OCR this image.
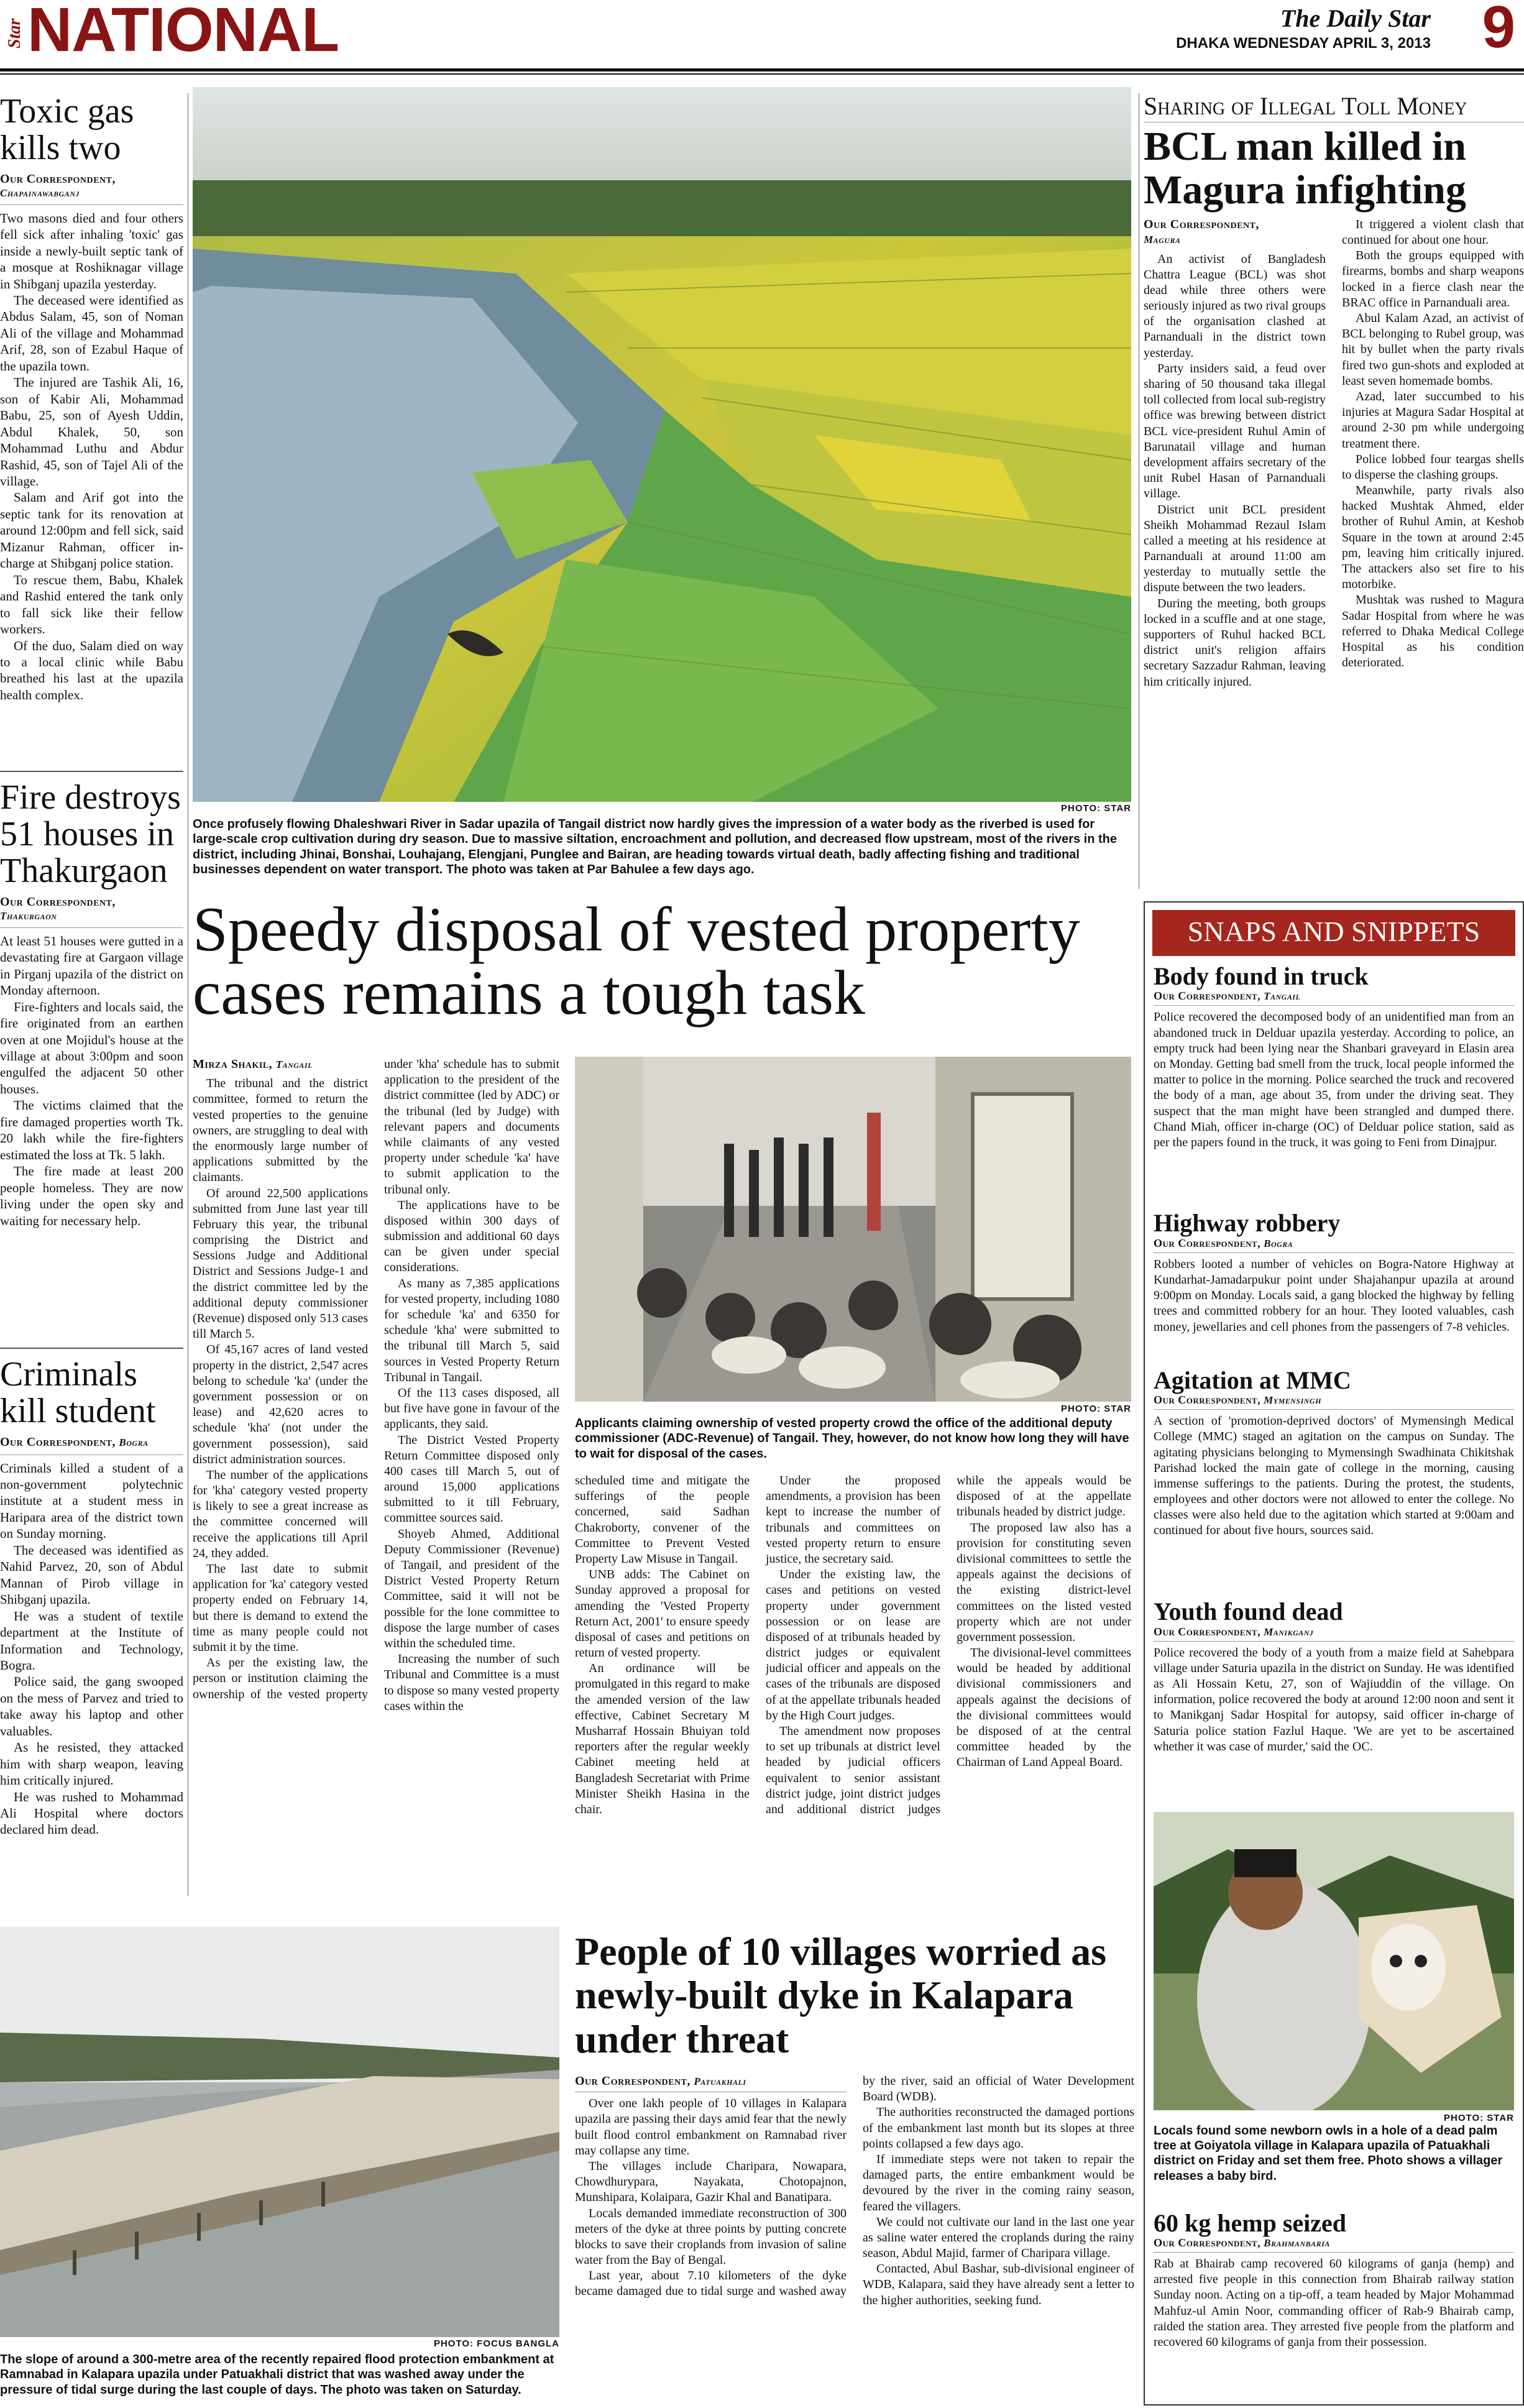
Star NATIONAL	The Daily Star
DHAKA WEDNESDAY APRIL 3, 2013 9
Toxic gas kills two
Our Correspondent,
Chapainawabganj

Two masons died and four others fell sick after inhaling 'toxic' gas inside a newly-built septic tank of a mosque at Roshiknagar village in Shibganj upazila yesterday.

The deceased were identified as Abdus Salam, 45, son of Noman Ali of the village and Mohammad Arif, 28, son of Ezabul Haque of the upazila town.

The injured are Tashik Ali, 16, son of Kabir Ali, Mohammad Babu, 25, son of Ayesh Uddin, Abdul Khalek, 50, son Mohammad Luthu and Abdur Rashid, 45, son of Tajel Ali of the village.

Salam and Arif got into the septic tank for its renovation at around 12:00pm and fell sick, said Mizanur Rahman, officer in-charge at Shibganj police station.

To rescue them, Babu, Khalek and Rashid entered the tank only to fall sick like their fellow workers.

Of the duo, Salam died on way to a local clinic while Babu breathed his last at the upazila health complex.

Fire destroys 51 houses in Thakurgaon
Our Correspondent,
Thakurgaon

At least 51 houses were gutted in a devastating fire at Gargaon village in Pirganj upazila of the district on Monday afternoon.

Fire-fighters and locals said, the fire originated from an earthen oven at one Mojidul's house at the village at about 3:00pm and soon engulfed the adjacent 50 other houses.

The victims claimed that the fire damaged properties worth Tk. 20 lakh while the fire-fighters estimated the loss at Tk. 5 lakh.

The fire made at least 200 people homeless. They are now living under the open sky and waiting for necessary help.

Criminals kill student
Our Correspondent, Bogra

Criminals killed a student of a non-government polytechnic institute at a student mess in Haripara area of the district town on Sunday morning.

The deceased was identified as Nahid Parvez, 20, son of Abdul Mannan of Pirob village in Shibganj upazila.

He was a student of textile department at the Institute of Information and Technology, Bogra.

Police said, the gang swooped on the mess of Parvez and tried to take away his laptop and other valuables.

As he resisted, they attacked him with sharp weapon, leaving him critically injured.

He was rushed to Mohammad Ali Hospital where doctors declared him dead.

PHOTO: STAR
Once profusely flowing Dhaleshwari River in Sadar upazila of Tangail district now hardly gives the impression of a water body as the riverbed is used for large-scale crop cultivation during dry season. Due to massive siltation, encroachment and pollution, and decreased flow upstream, most of the rivers in the district, including Jhinai, Bonshai, Louhajang, Elengjani, Punglee and Bairan, are heading towards virtual death, badly affecting fishing and traditional businesses dependent on water transport. The photo was taken at Par Bahulee a few days ago.
Sharing of Illegal Toll Money
BCL man killed in Magura infighting
Our Correspondent,
Magura

An activist of Bangladesh Chattra League (BCL) was shot dead while three others were seriously injured as two rival groups of the organisation clashed at Parnanduali in the district town yesterday.

Party insiders said, a feud over sharing of 50 thousand taka illegal toll collected from local sub-registry office was brewing between district BCL vice-president Ruhul Amin of Barunatail village and human development affairs secretary of the unit Rubel Hasan of Parnanduali village.

District unit BCL president Sheikh Mohammad Rezaul Islam called a meeting at his residence at Parnanduali at around 11:00 am yesterday to mutually settle the dispute between the two leaders.

During the meeting, both groups locked in a scuffle and at one stage, supporters of Ruhul hacked BCL district unit's religion affairs secretary Sazzadur Rahman, leaving him critically injured.

It triggered a violent clash that continued for about one hour.

Both the groups equipped with firearms, bombs and sharp weapons locked in a fierce clash near the BRAC office in Parnanduali area.

Abul Kalam Azad, an activist of BCL belonging to Rubel group, was hit by bullet when the party rivals fired two gun-shots and exploded at least seven homemade bombs.

Azad, later succumbed to his injuries at Magura Sadar Hospital at around 2-30 pm while undergoing treatment there.

Police lobbed four teargas shells to disperse the clashing groups.

Meanwhile, party rivals also hacked Mushtak Ahmed, elder brother of Ruhul Amin, at Keshob Square in the town at around 2:45 pm, leaving him critically injured. The attackers also set fire to his motorbike.

Mushtak was rushed to Magura Sadar Hospital from where he was referred to Dhaka Medical College Hospital as his condition deteriorated.

Speedy disposal of vested property cases remains a tough task
Mirza Shakil, Tangail

The tribunal and the district committee, formed to return the vested properties to the genuine owners, are struggling to deal with the enormously large number of applications submitted by the claimants.

Of around 22,500 applications submitted from June last year till February this year, the tribunal comprising the District and Sessions Judge and Additional District and Sessions Judge-1 and the district committee led by the additional deputy commissioner (Revenue) disposed only 513 cases till March 5.

Of 45,167 acres of land vested property in the district, 2,547 acres belong to schedule 'ka' (under the government possession or on lease) and 42,620 acres to schedule 'kha' (not under the government possession), said district administration sources.

The number of the applications for 'kha' category vested property is likely to see a great increase as the committee concerned will receive the applications till April 24, they added.

The last date to submit application for 'ka' category vested property ended on February 14, but there is demand to extend the time as many people could not submit it by the time.

As per the existing law, the person or institution claiming the ownership of the vested property under 'kha' schedule has to submit application to the president of the district committee (led by ADC) or the tribunal (led by Judge) with relevant papers and documents while claimants of any vested property under schedule 'ka' have to submit application to the tribunal only.

The applications have to be disposed within 300 days of submission and additional 60 days can be given under special considerations.

As many as 7,385 applications for vested property, including 1080 for schedule 'ka' and 6350 for schedule 'kha' were submitted to the tribunal till March 5, said sources in Vested Property Return Tribunal in Tangail.

Of the 113 cases disposed, all but five have gone in favour of the applicants, they said.

The District Vested Property Return Committee disposed only 400 cases till March 5, out of around 15,000 applications submitted to it till February, committee sources said.

Shoyeb Ahmed, Additional Deputy Commissioner (Revenue) of Tangail, and president of the District Vested Property Return Committee, said it will not be possible for the lone committee to dispose the large number of cases within the scheduled time.

Increasing the number of such Tribunal and Committee is a must to dispose so many vested property cases within the

PHOTO: STAR
Applicants claiming ownership of vested property crowd the office of the additional deputy commissioner (ADC-Revenue) of Tangail. They, however, do not know how long they will have to wait for disposal of the cases.

scheduled time and mitigate the sufferings of the people concerned, said Sadhan Chakroborty, convener of the Committee to Prevent Vested Property Law Misuse in Tangail.

UNB adds: The Cabinet on Sunday approved a proposal for amending the 'Vested Property Return Act, 2001' to ensure speedy disposal of cases and petitions on return of vested property.

An ordinance will be promulgated in this regard to make the amended version of the law effective, Cabinet Secretary M Musharraf Hossain Bhuiyan told reporters after the regular weekly Cabinet meeting held at Bangladesh Secretariat with Prime Minister Sheikh Hasina in the chair.

Under the proposed amendments, a provision has been kept to increase the number of tribunals and committees on vested property return to ensure justice, the secretary said.

Under the existing law, the cases and petitions on vested property under government possession or on lease are disposed of at tribunals headed by district judges or equivalent judicial officer and appeals on the cases of the tribunals are disposed of at the appellate tribunals headed by the High Court judges.

The amendment now proposes to set up tribunals at district level headed by judicial officers equivalent to senior assistant district judge, joint district judges and additional district judges while the appeals would be disposed of at the appellate tribunals headed by district judge.

The proposed law also has a provision for constituting seven divisional committees to settle the appeals against the decisions of the existing district-level committees on the listed vested property which are not under government possession.

The divisional-level committees would be headed by additional divisional commissioners and appeals against the decisions of the divisional committees would be disposed of at the central committee headed by the Chairman of Land Appeal Board.

SNAPS AND SNIPPETS
Body found in truck
Our Correspondent, Tangail
Police recovered the decomposed body of an unidentified man from an abandoned truck in Delduar upazila yesterday. According to police, an empty truck had been lying near the Shanbari graveyard in Elasin area on Monday. Getting bad smell from the truck, local people informed the matter to police in the morning. Police searched the truck and recovered the body of a man, age about 35, from under the driving seat. They suspect that the man might have been strangled and dumped there. Chand Miah, officer in-charge (OC) of Delduar police station, said as per the papers found in the truck, it was going to Feni from Dinajpur.
Highway robbery
Our Correspondent, Bogra
Robbers looted a number of vehicles on Bogra-Natore Highway at Kundarhat-Jamadarpukur point under Shajahanpur upazila at around 9:00pm on Monday. Locals said, a gang blocked the highway by felling trees and committed robbery for an hour. They looted valuables, cash money, jewellaries and cell phones from the passengers of 7-8 vehicles.
Agitation at MMC
Our Correspondent, Mymensingh
A section of 'promotion-deprived doctors' of Mymensingh Medical College (MMC) staged an agitation on the campus on Sunday. The agitating physicians belonging to Mymensingh Swadhinata Chikitshak Parishad locked the main gate of college in the morning, causing immense sufferings to the patients. During the protest, the students, employees and other doctors were not allowed to enter the college. No classes were also held due to the agitation which started at 9:00am and continued for about five hours, sources said.
Youth found dead
Our Correspondent, Manikganj
Police recovered the body of a youth from a maize field at Sahebpara village under Saturia upazila in the district on Sunday. He was identified as Ali Hossain Ketu, 27, son of Wajiuddin of the village. On information, police recovered the body at around 12:00 noon and sent it to Manikganj Sadar Hospital for autopsy, said officer in-charge of Saturia police station Fazlul Haque. 'We are yet to be ascertained whether it was case of murder,' said the OC.
PHOTO: STAR
Locals found some newborn owls in a hole of a dead palm tree at Goiyatola village in Kalapara upazila of Patuakhali district on Friday and set them free. Photo shows a villager releases a baby bird.
60 kg hemp seized
Our Correspondent, Brahmanbaria
Rab at Bhairab camp recovered 60 kilograms of ganja (hemp) and arrested five people in this connection from Bhairab railway station Sunday noon. Acting on a tip-off, a team headed by Major Mohammad Mahfuz-ul Amin Noor, commanding officer of Rab-9 Bhairab camp, raided the station area. They arrested five people from the platform and recovered 60 kilograms of ganja from their possession.
PHOTO: FOCUS BANGLA
The slope of around a 300-metre area of the recently repaired flood protection embankment at Ramnabad in Kalapara upazila under Patuakhali district that was washed away under the pressure of tidal surge during the last couple of days. The photo was taken on Saturday.
People of 10 villages worried as newly-built dyke in Kalapara under threat
Our Correspondent, Patuakhali

Over one lakh people of 10 villages in Kalapara upazila are passing their days amid fear that the newly built flood control embankment on Ramnabad river may collapse any time.

The villages include Charipara, Nowapara, Chowdhurypara, Nayakata, Chotopajnon, Munshipara, Kolaipara, Gazir Khal and Banatipara.

Locals demanded immediate reconstruction of 300 meters of the dyke at three points by putting concrete blocks to save their croplands from invasion of saline water from the Bay of Bengal.

Last year, about 7.10 kilometers of the dyke became damaged due to tidal surge and washed away by the river, said an official of Water Development Board (WDB).

The authorities reconstructed the damaged portions of the embankment last month but its slopes at three points collapsed a few days ago.

If immediate steps were not taken to repair the damaged parts, the entire embankment would be devoured by the river in the coming rainy season, feared the villagers.

We could not cultivate our land in the last one year as saline water entered the croplands during the rainy season, Abdul Majid, farmer of Charipara village.

Contacted, Abul Bashar, sub-divisional engineer of WDB, Kalapara, said they have already sent a letter to the higher authorities, seeking fund.
